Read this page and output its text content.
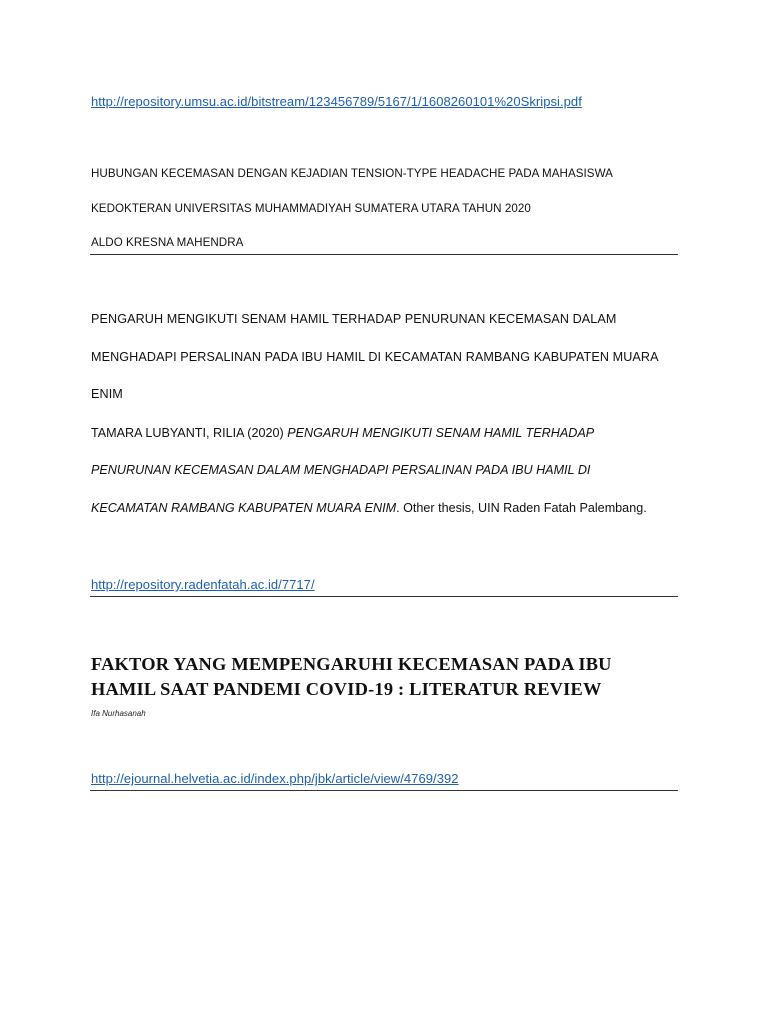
http://repository.umsu.ac.id/bitstream/123456789/5167/1/1608260101%20Skripsi.pdf
HUBUNGAN KECEMASAN DENGAN KEJADIAN TENSION-TYPE HEADACHE PADA MAHASISWA
KEDOKTERAN UNIVERSITAS MUHAMMADIYAH SUMATERA UTARA TAHUN 2020
ALDO KRESNA MAHENDRA
PENGARUH MENGIKUTI SENAM HAMIL TERHADAP PENURUNAN KECEMASAN DALAM
MENGHADAPI PERSALINAN PADA IBU HAMIL DI KECAMATAN RAMBANG KABUPATEN MUARA
ENIM
TAMARA LUBYANTI, RILIA (2020) PENGARUH MENGIKUTI SENAM HAMIL TERHADAP
PENURUNAN KECEMASAN DALAM MENGHADAPI PERSALINAN PADA IBU HAMIL DI
KECAMATAN RAMBANG KABUPATEN MUARA ENIM. Other thesis, UIN Raden Fatah Palembang.
http://repository.radenfatah.ac.id/7717/
FAKTOR YANG MEMPENGARUHI KECEMASAN PADA IBU
HAMIL SAAT PANDEMI COVID-19 : LITERATUR REVIEW
Ifa Nurhasanah
http://ejournal.helvetia.ac.id/index.php/jbk/article/view/4769/392
